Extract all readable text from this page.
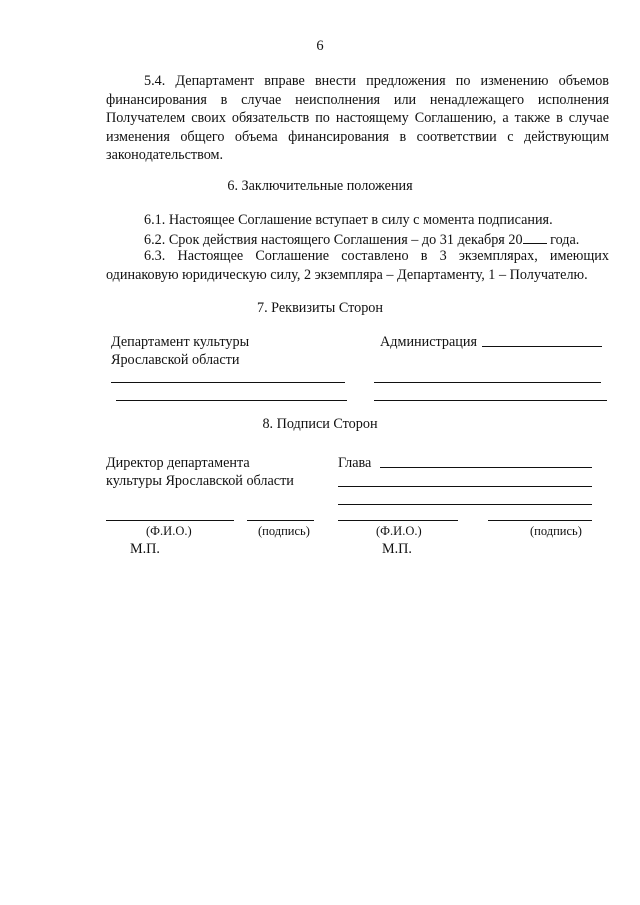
6
5.4. Департамент вправе внести предложения по изменению объемов финансирования в случае неисполнения или ненадлежащего исполнения Получателем своих обязательств по настоящему Соглашению, а также в случае изменения общего объема финансирования в соответствии с действующим законодательством.
6. Заключительные положения
6.1. Настоящее Соглашение вступает в силу с момента подписания.
6.2. Срок действия настоящего Соглашения – до 31 декабря 20 года.
6.3. Настоящее Соглашение составлено в 3 экземплярах, имеющих одинаковую юридическую силу, 2 экземпляра – Департаменту, 1 – Получателю.
7. Реквизиты Сторон
Департамент культуры
Ярославской области
Администрация
8. Подписи Сторон
Директор департамента
культуры Ярославской области
Глава
(Ф.И.О.)	(подпись)	(Ф.И.О.)	(подпись)
М.П.	М.П.
